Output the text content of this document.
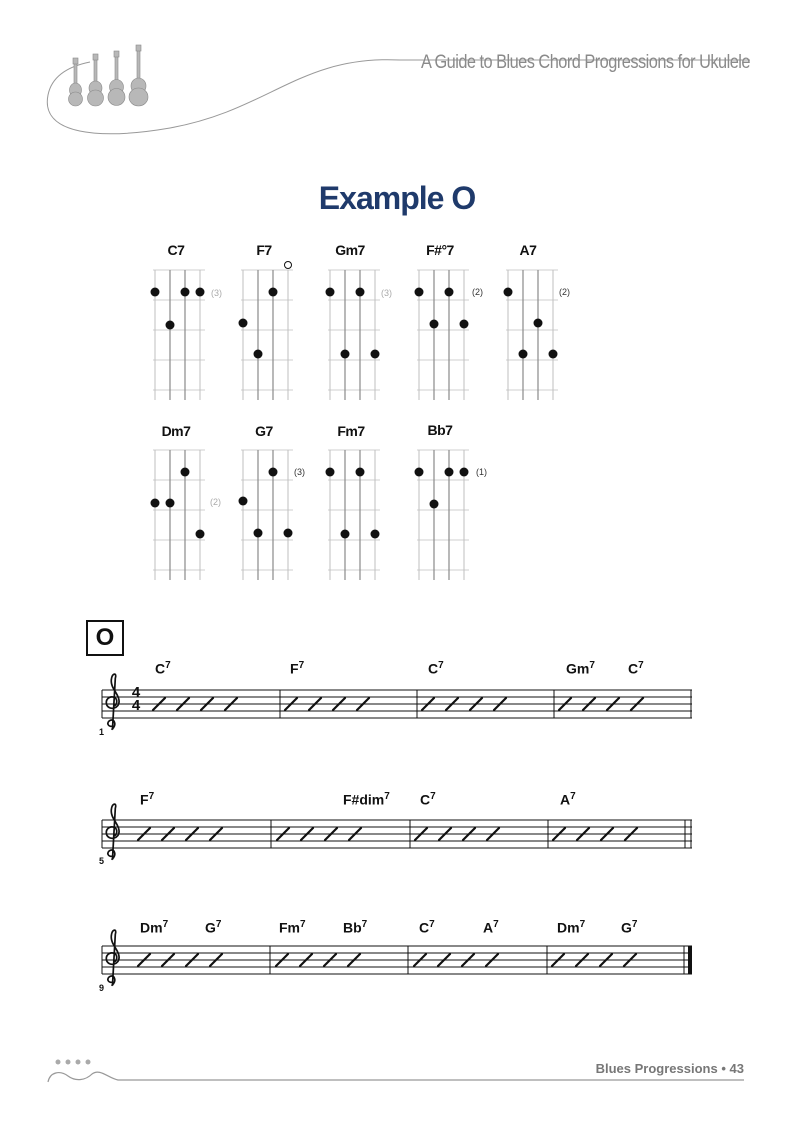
A Guide to Blues Chord Progressions for Ukulele
Example O
C7	F7	Gm7	F#°7	A7
(3)	(3)	(2)	(2)
Dm7	G7	Fm7	Bb7
(2)
(3)	(1)
O
4
4
1
5
9
$C^7$	$F^7$	$C^7$	Gm$^7$ $C^7$
$F^7$	F#dim$^7$ $C^7$	$A^7$
Dm$^7$	$G^7$	Fm$^7$	Bb$^7$	$C^7$	$A^7$	Dm$^7$	$G^7$
Blues Progressions • 43
